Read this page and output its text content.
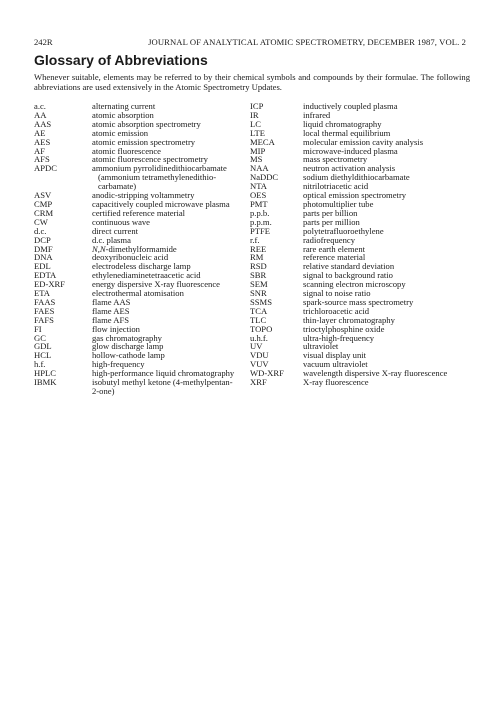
242R	JOURNAL OF ANALYTICAL ATOMIC SPECTROMETRY, DECEMBER 1987, VOL. 2
Glossary of Abbreviations

Whenever suitable, elements may be referred to by their chemical symbols and compounds by their formulae. The following abbreviations are used extensively in the Atomic Spectrometry Updates.

a.c.	alternating current
AA	atomic absorption
AAS	atomic absorption spectrometry
AE	atomic emission
AES	atomic emission spectrometry
AF	atomic fluorescence
AFS	atomic fluorescence spectrometry
APDC	ammonium pyrrolidinedithiocarbamate
(ammonium tetramethylenedithio-
carbamate)
ASV	anodic-stripping voltammetry
CMP	capacitively coupled microwave plasma
CRM	certified reference material
CW	continuous wave
d.c.	direct current
DCP	d.c. plasma
DMF	N,N-dimethylformamide
DNA	deoxyribonucleic acid
EDL	electrodeless discharge lamp
EDTA	ethylenediaminetetraacetic acid
ED-XRF	energy dispersive X-ray fluorescence
ETA	electrothermal atomisation
FAAS	flame AAS
FAES	flame AES
FAFS	flame AFS
FI	flow injection
GC	gas chromatography
GDL	glow discharge lamp
HCL	hollow-cathode lamp
h.f.	high-frequency
HPLC	high-performance liquid chromatography
IBMK	isobutyl methyl ketone (4-methylpentan-
2-one)
ICP	inductively coupled plasma
IR	infrared
LC	liquid chromatography
LTE	local thermal equilibrium
MECA	molecular emission cavity analysis
MIP	microwave-induced plasma
MS	mass spectrometry
NAA	neutron activation analysis
NaDDC	sodium diethyldithiocarbamate
NTA	nitrilotriacetic acid
OES	optical emission spectrometry
PMT	photomultiplier tube
p.p.b.	parts per billion
p.p.m.	parts per million
PTFE	polytetrafluoroethylene
r.f.	radiofrequency
REE	rare earth element
RM	reference material
RSD	relative standard deviation
SBR	signal to background ratio
SEM	scanning electron microscopy
SNR	signal to noise ratio
SSMS	spark-source mass spectrometry
TCA	trichloroacetic acid
TLC	thin-layer chromatography
TOPO	trioctylphosphine oxide
u.h.f.	ultra-high-frequency
UV	ultraviolet
VDU	visual display unit
VUV	vacuum ultraviolet
WD-XRF	wavelength dispersive X-ray fluorescence
XRF	X-ray fluorescence
